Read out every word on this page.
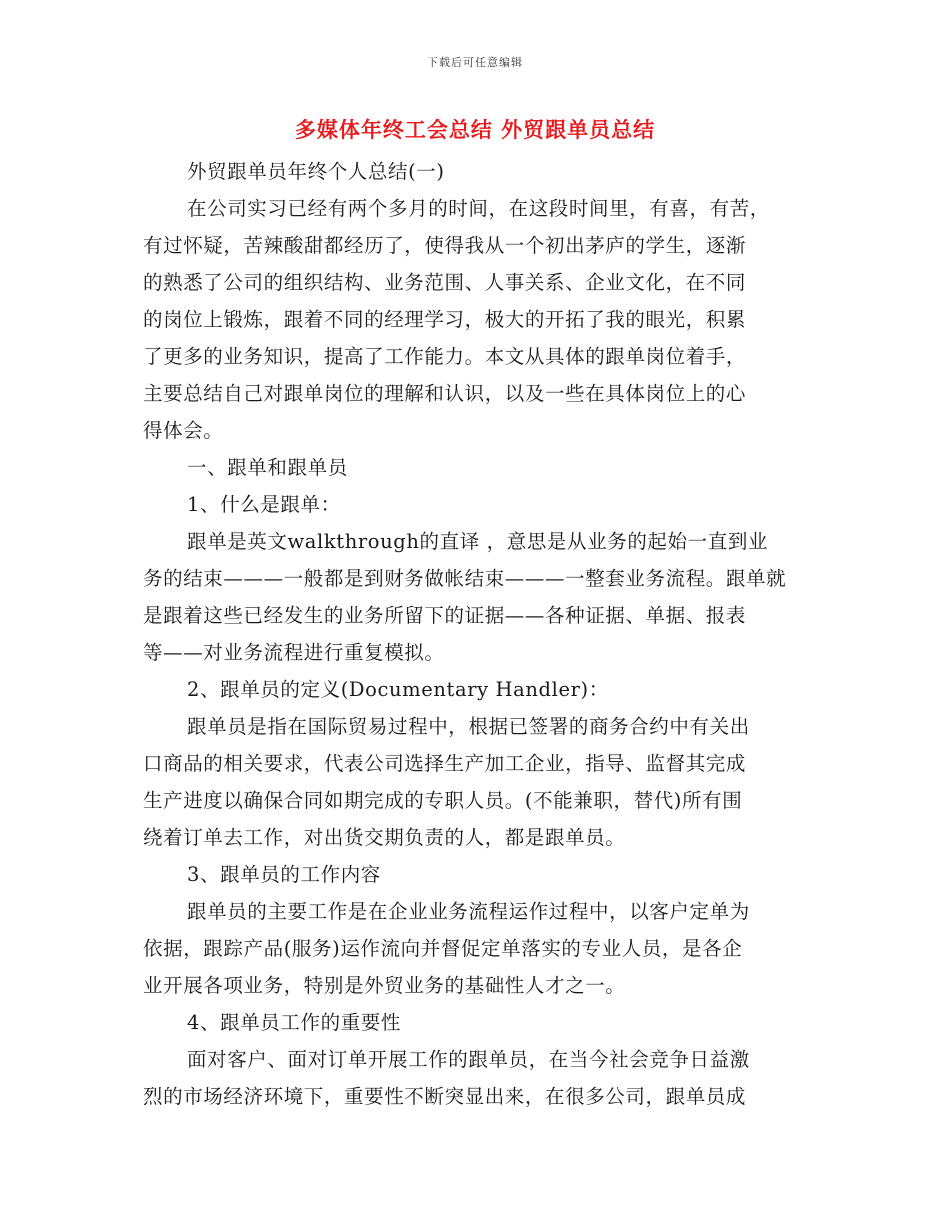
下载后可任意编辑
多媒体年终工会总结 外贸跟单员总结
外贸跟单员年终个人总结(一)
在公司实习已经有两个多月的时间，在这段时间里，有喜，有苦，
有过怀疑，苦辣酸甜都经历了，使得我从一个初出茅庐的学生，逐渐
的熟悉了公司的组织结构、业务范围、人事关系、企业文化，在不同
的岗位上锻炼，跟着不同的经理学习，极大的开拓了我的眼光，积累
了更多的业务知识，提高了工作能力。本文从具体的跟单岗位着手，
主要总结自己对跟单岗位的理解和认识，以及一些在具体岗位上的心
得体会。
一、跟单和跟单员
1、什么是跟单：
跟单是英文walkthrough的直译 ，意思是从业务的起始一直到业
务的结束———一般都是到财务做帐结束———一整套业务流程。跟单就
是跟着这些已经发生的业务所留下的证据——各种证据、单据、报表
等——对业务流程进行重复模拟。
2、跟单员的定义(Documentary Handler)：
跟单员是指在国际贸易过程中，根据已签署的商务合约中有关出
口商品的相关要求，代表公司选择生产加工企业，指导、监督其完成
生产进度以确保合同如期完成的专职人员。(不能兼职，替代)所有围
绕着订单去工作，对出货交期负责的人，都是跟单员。
3、跟单员的工作内容
跟单员的主要工作是在企业业务流程运作过程中，以客户定单为
依据，跟踪产品(服务)运作流向并督促定单落实的专业人员，是各企
业开展各项业务，特别是外贸业务的基础性人才之一。
4、跟单员工作的重要性
面对客户、面对订单开展工作的跟单员，在当今社会竞争日益激
烈的市场经济环境下，重要性不断突显出来，在很多公司，跟单员成
